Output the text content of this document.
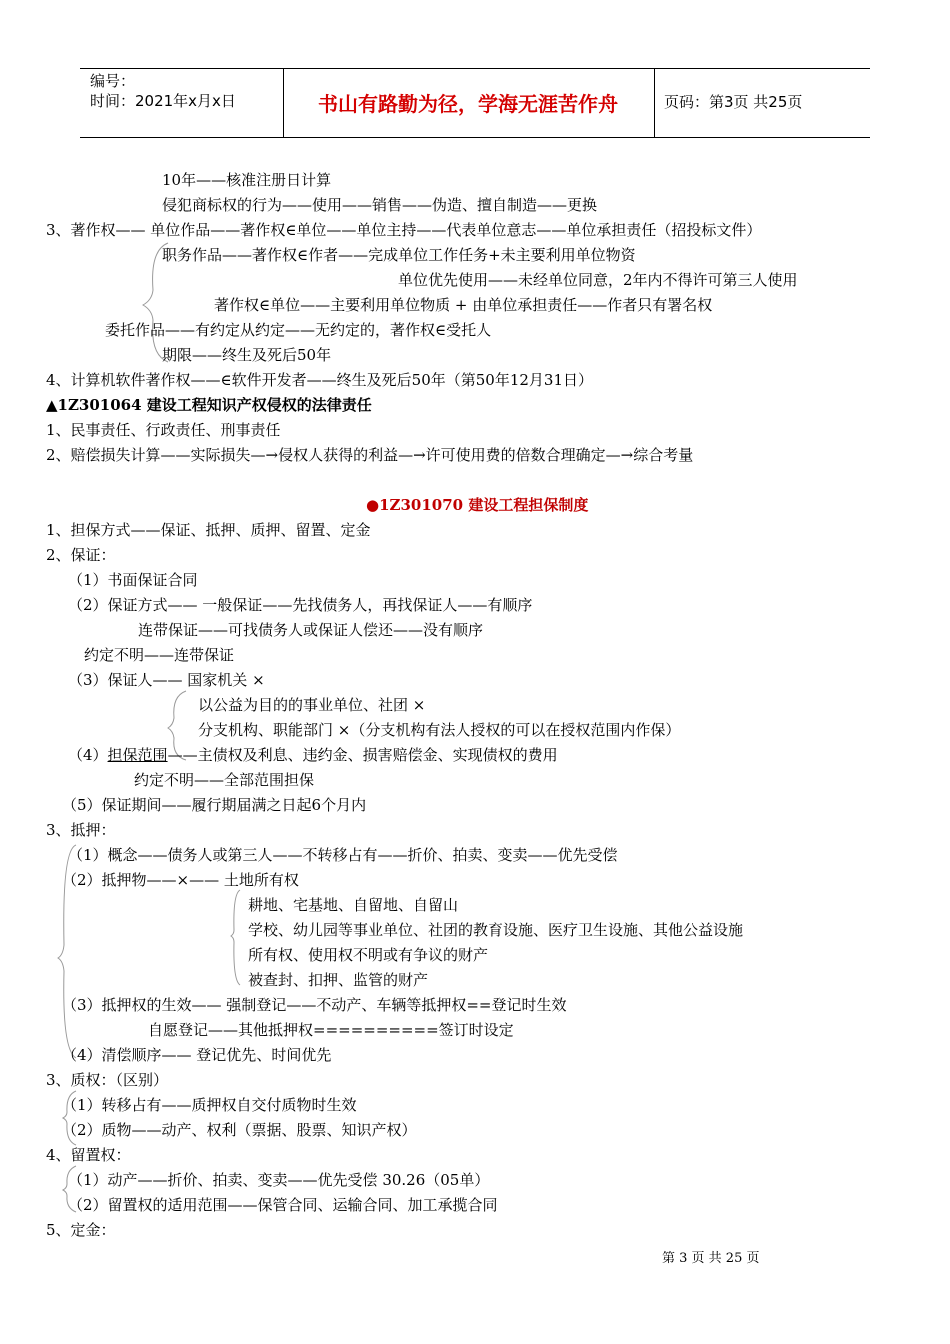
编号：
时间：2021年x月x日	书山有路勤为径，学海无涯苦作舟	页码：第3页 共25页
10年——核准注册日计算
侵犯商标权的行为——使用——销售——伪造、擅自制造——更换
3、著作权—— 单位作品——著作权∈单位——单位主持——代表单位意志——单位承担责任（招投标文件）
职务作品——著作权∈作者——完成单位工作任务+未主要利用单位物资
单位优先使用——未经单位同意，2年内不得许可第三人使用
著作权∈单位——主要利用单位物质 + 由单位承担责任——作者只有署名权
委托作品——有约定从约定——无约定的，著作权∈受托人
期限——终生及死后50年
4、计算机软件著作权——∈软件开发者——终生及死后50年（第50年12月31日）
▲1Z301064 建设工程知识产权侵权的法律责任
1、民事责任、行政责任、刑事责任
2、赔偿损失计算——实际损失—→侵权人获得的利益—→许可使用费的倍数合理确定—→综合考量
●1Z301070 建设工程担保制度
1、担保方式——保证、抵押、质押、留置、定金
2、保证：
（1）书面保证合同
（2）保证方式—— 一般保证——先找债务人，再找保证人——有顺序
连带保证——可找债务人或保证人偿还——没有顺序
约定不明——连带保证
（3）保证人—— 国家机关 ×
以公益为目的的事业单位、社团 ×
分支机构、职能部门 ×（分支机构有法人授权的可以在授权范围内作保）
（4）担保范围——主债权及利息、违约金、损害赔偿金、实现债权的费用
约定不明——全部范围担保
（5）保证期间——履行期届满之日起6个月内
3、抵押：
（1）概念——债务人或第三人——不转移占有——折价、拍卖、变卖——优先受偿
（2）抵押物——×—— 土地所有权
耕地、宅基地、自留地、自留山
学校、幼儿园等事业单位、社团的教育设施、医疗卫生设施、其他公益设施
所有权、使用权不明或有争议的财产
被查封、扣押、监管的财产
（3）抵押权的生效—— 强制登记——不动产、车辆等抵押权==登记时生效
自愿登记——其他抵押权==========签订时设定
（4）清偿顺序—— 登记优先、时间优先
3、质权：（区别）
（1）转移占有——质押权自交付质物时生效
（2）质物——动产、权利（票据、股票、知识产权）
4、留置权：
（1）动产——折价、拍卖、变卖——优先受偿 30.26（05单）
（2）留置权的适用范围——保管合同、运输合同、加工承揽合同
5、定金：
第 3 页 共 25 页
